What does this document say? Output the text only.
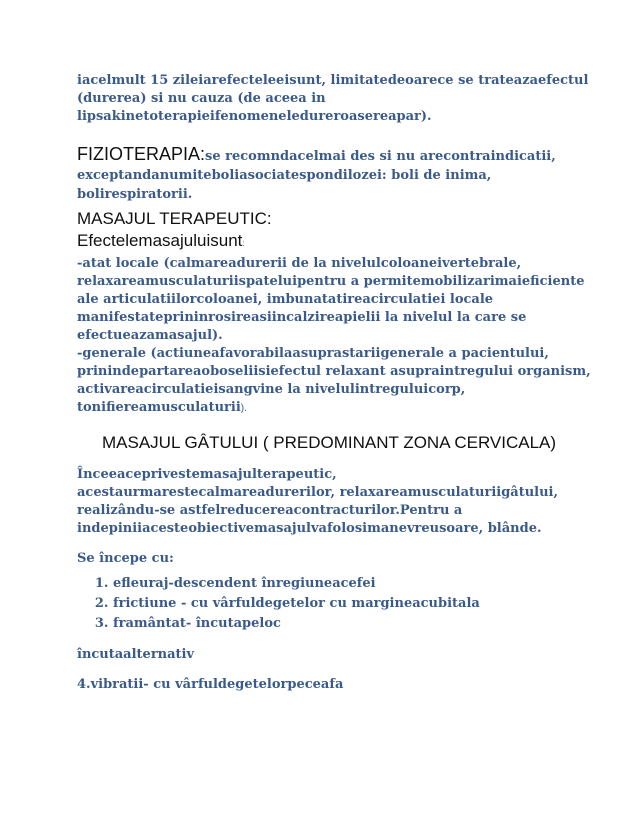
iacelmult 15 zileiarefecteleeisunt, limitatedeoarece se trateazaefectul (durerea) si nu cauza (de aceea in lipsakinetoterapieifenomeneledureroasereapar).

FIZIOTERAPIA:se recomndacelmai des si nu arecontraindicatii, exceptandanumiteboliasociatespondilozei: boli de inima, bolirespiratorii.

MASAJUL TERAPEUTIC:

Efectelemasajuluisunt:

-atat locale (calmareadurerii de la nivelulcoloaneivertebrale, relaxareamusculaturiispateluipentru a permitemobilizarimaieficiente ale articulatiilorcoloanei, imbunatatireacirculatiei locale manifestateprininrosireasiincalzireapielii la nivelul la care se efectueazamasajul).

-generale (actiuneafavorabilaasuprastariigenerale a pacientului, prinindepartareaoboseliisiefectul relaxant asupraintregului organism, activareacirculatieisangvine la nivelulintreguluicorp, tonifiereamusculaturii).

MASAJUL GÂTULUI ( PREDOMINANT ZONA CERVICALA)

Înceeaceprivestemasajulterapeutic, acestaurmarestecalmareadurerilor, relaxareamusculaturiigâtului, realizându-se astfelreducereacontracturilor.Pentru a indepiniiacesteobiectivemasajulvafolosimanevreusoare, blânde.

Se începe cu:

1. efleuraj-descendent înregiuneacefei
2. frictiune - cu vârfuldegetelor cu margineacubitala
3. framântat- încutapeloc

încutaalternativ

4.vibratii- cu vârfuldegetelorpeceafa
